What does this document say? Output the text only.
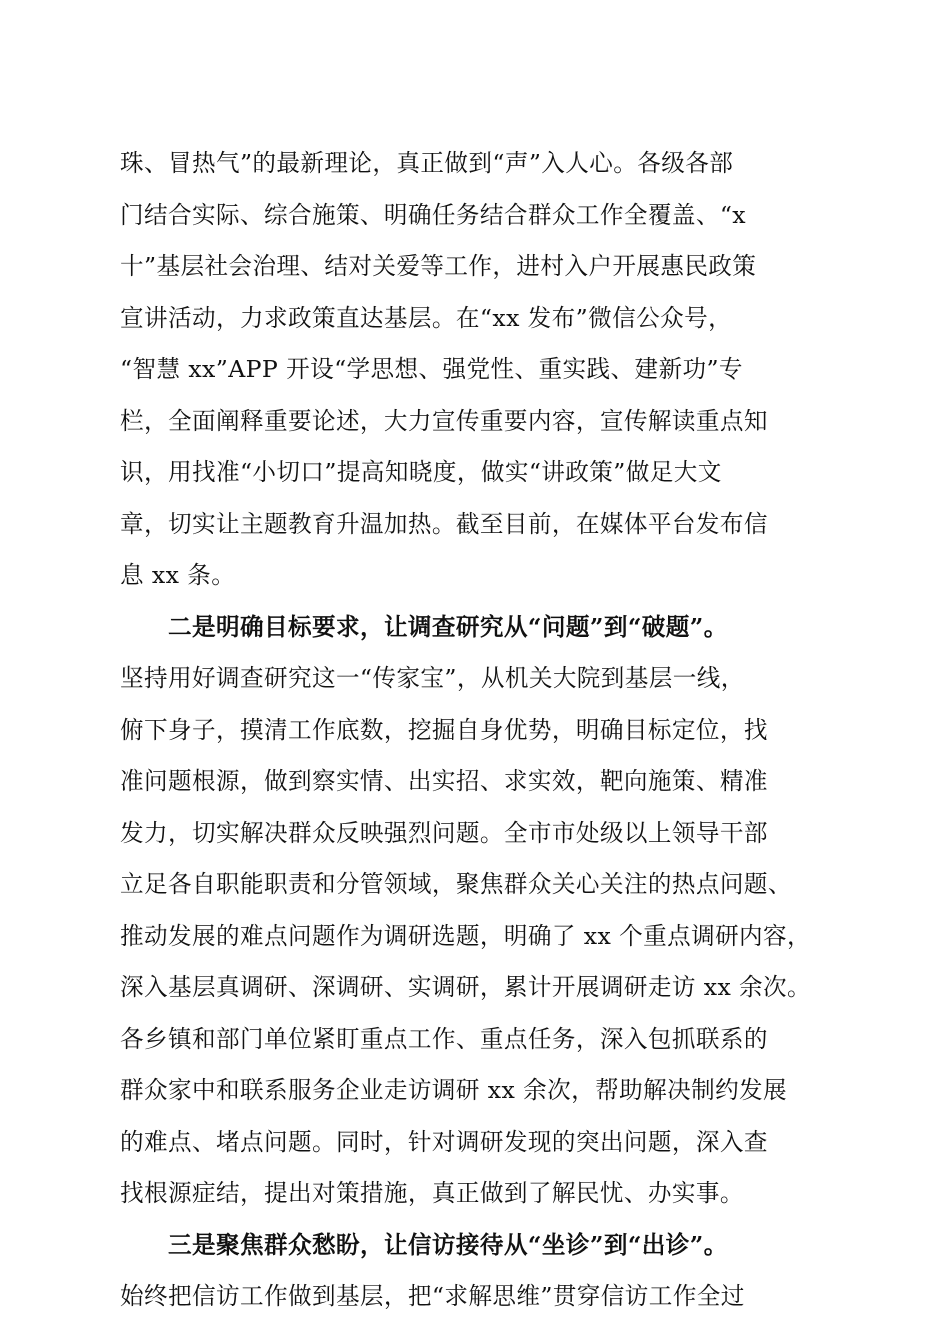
珠、冒热气”的最新理论，真正做到“声”入人心。各级各部
门结合实际、综合施策、明确任务结合群众工作全覆盖、“x
十”基层社会治理、结对关爱等工作，进村入户开展惠民政策
宣讲活动，力求政策直达基层。在“xx 发布”微信公众号，
“智慧 xx”APP 开设“学思想、强党性、重实践、建新功”专
栏，全面阐释重要论述，大力宣传重要内容，宣传解读重点知
识，用找准“小切口”提高知晓度，做实“讲政策”做足大文
章，切实让主题教育升温加热。截至目前，在媒体平台发布信
息 xx 条。
二是明确目标要求，让调查研究从“问题”到“破题”。
坚持用好调查研究这一“传家宝”，从机关大院到基层一线，
俯下身子，摸清工作底数，挖掘自身优势，明确目标定位，找
准问题根源，做到察实情、出实招、求实效，靶向施策、精准
发力，切实解决群众反映强烈问题。全市市处级以上领导干部
立足各自职能职责和分管领域，聚焦群众关心关注的热点问题、
推动发展的难点问题作为调研选题，明确了 xx 个重点调研内容，
深入基层真调研、深调研、实调研，累计开展调研走访 xx 余次。
各乡镇和部门单位紧盯重点工作、重点任务，深入包抓联系的
群众家中和联系服务企业走访调研 xx 余次，帮助解决制约发展
的难点、堵点问题。同时，针对调研发现的突出问题，深入查
找根源症结，提出对策措施，真正做到了解民忧、办实事。
三是聚焦群众愁盼，让信访接待从“坐诊”到“出诊”。
始终把信访工作做到基层，把“求解思维”贯穿信访工作全过
